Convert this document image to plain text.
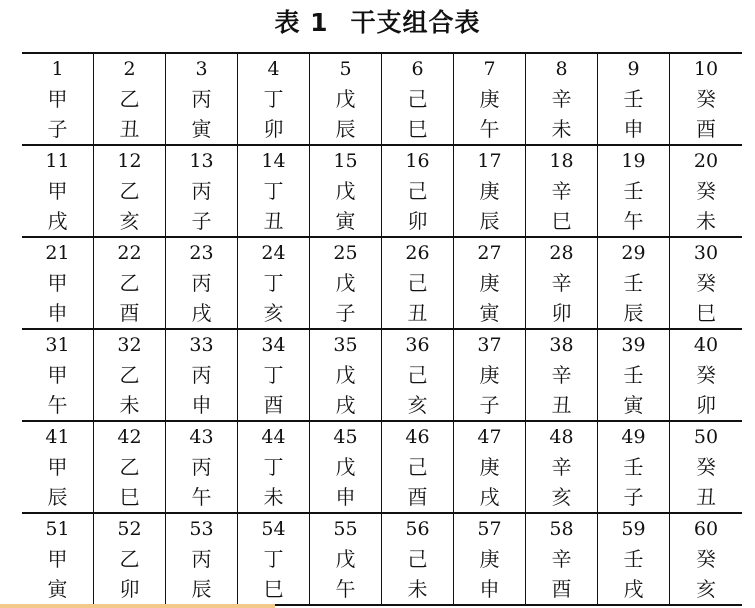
表 1 干支组合表
1
甲
子
2
乙
丑
3
丙
寅
4
丁
卯
5
戊
辰
6
己
巳
7
庚
午
8
辛
未
9
壬
申
10
癸
酉
11
甲
戌
12
乙
亥
13
丙
子
14
丁
丑
15
戊
寅
16
己
卯
17
庚
辰
18
辛
巳
19
壬
午
20
癸
未
21
甲
申
22
乙
酉
23
丙
戌
24
丁
亥
25
戊
子
26
己
丑
27
庚
寅
28
辛
卯
29
壬
辰
30
癸
巳
31
甲
午
32
乙
未
33
丙
申
34
丁
酉
35
戊
戌
36
己
亥
37
庚
子
38
辛
丑
39
壬
寅
40
癸
卯
41
甲
辰
42
乙
巳
43
丙
午
44
丁
未
45
戊
申
46
己
酉
47
庚
戌
48
辛
亥
49
壬
子
50
癸
丑
51
甲
寅
52
乙
卯
53
丙
辰
54
丁
巳
55
戊
午
56
己
未
57
庚
申
58
辛
酉
59
壬
戌
60
癸
亥
